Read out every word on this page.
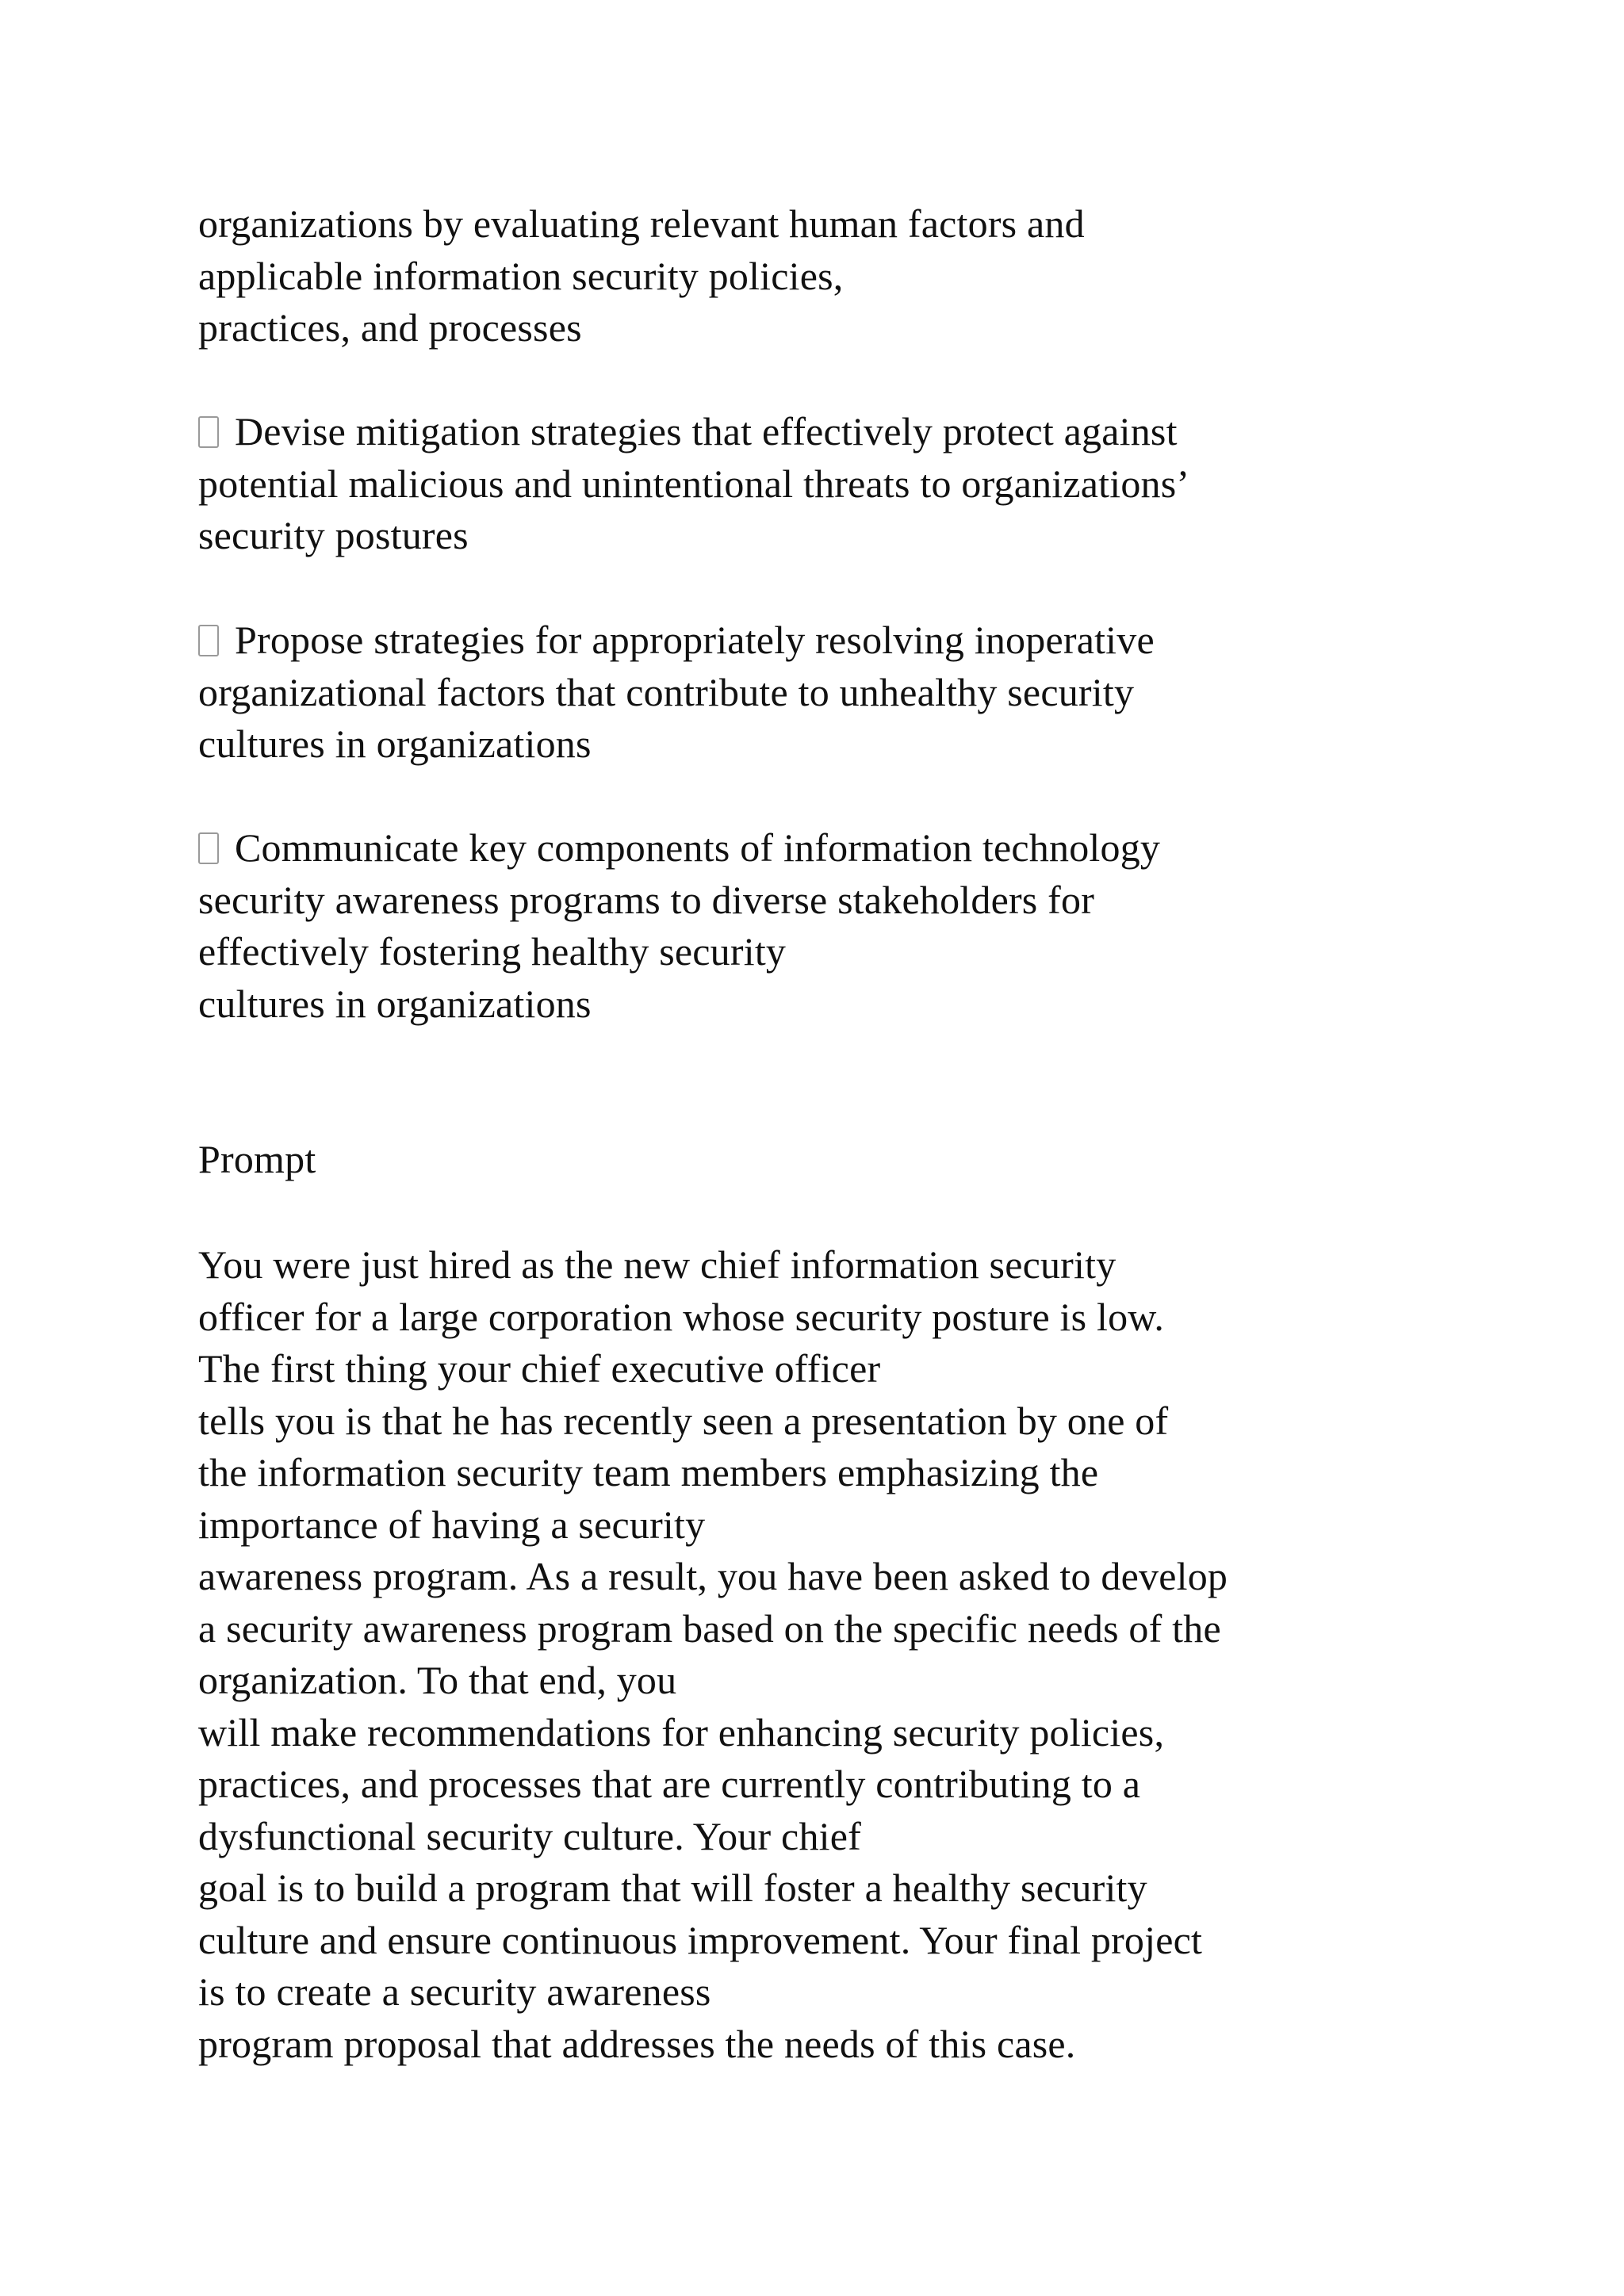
organizations by evaluating relevant human factors and
applicable information security policies,
practices, and processes
Devise mitigation strategies that effectively protect against
potential malicious and unintentional threats to organizations’
security postures
Propose strategies for appropriately resolving inoperative
organizational factors that contribute to unhealthy security
cultures in organizations
Communicate key components of information technology
security awareness programs to diverse stakeholders for
effectively fostering healthy security
cultures in organizations
Prompt
You were just hired as the new chief information security
officer for a large corporation whose security posture is low.
The first thing your chief executive officer
tells you is that he has recently seen a presentation by one of
the information security team members emphasizing the
importance of having a security
awareness program. As a result, you have been asked to develop
a security awareness program based on the specific needs of the
organization. To that end, you
will make recommendations for enhancing security policies,
practices, and processes that are currently contributing to a
dysfunctional security culture. Your chief
goal is to build a program that will foster a healthy security
culture and ensure continuous improvement. Your final project
is to create a security awareness
program proposal that addresses the needs of this case.
